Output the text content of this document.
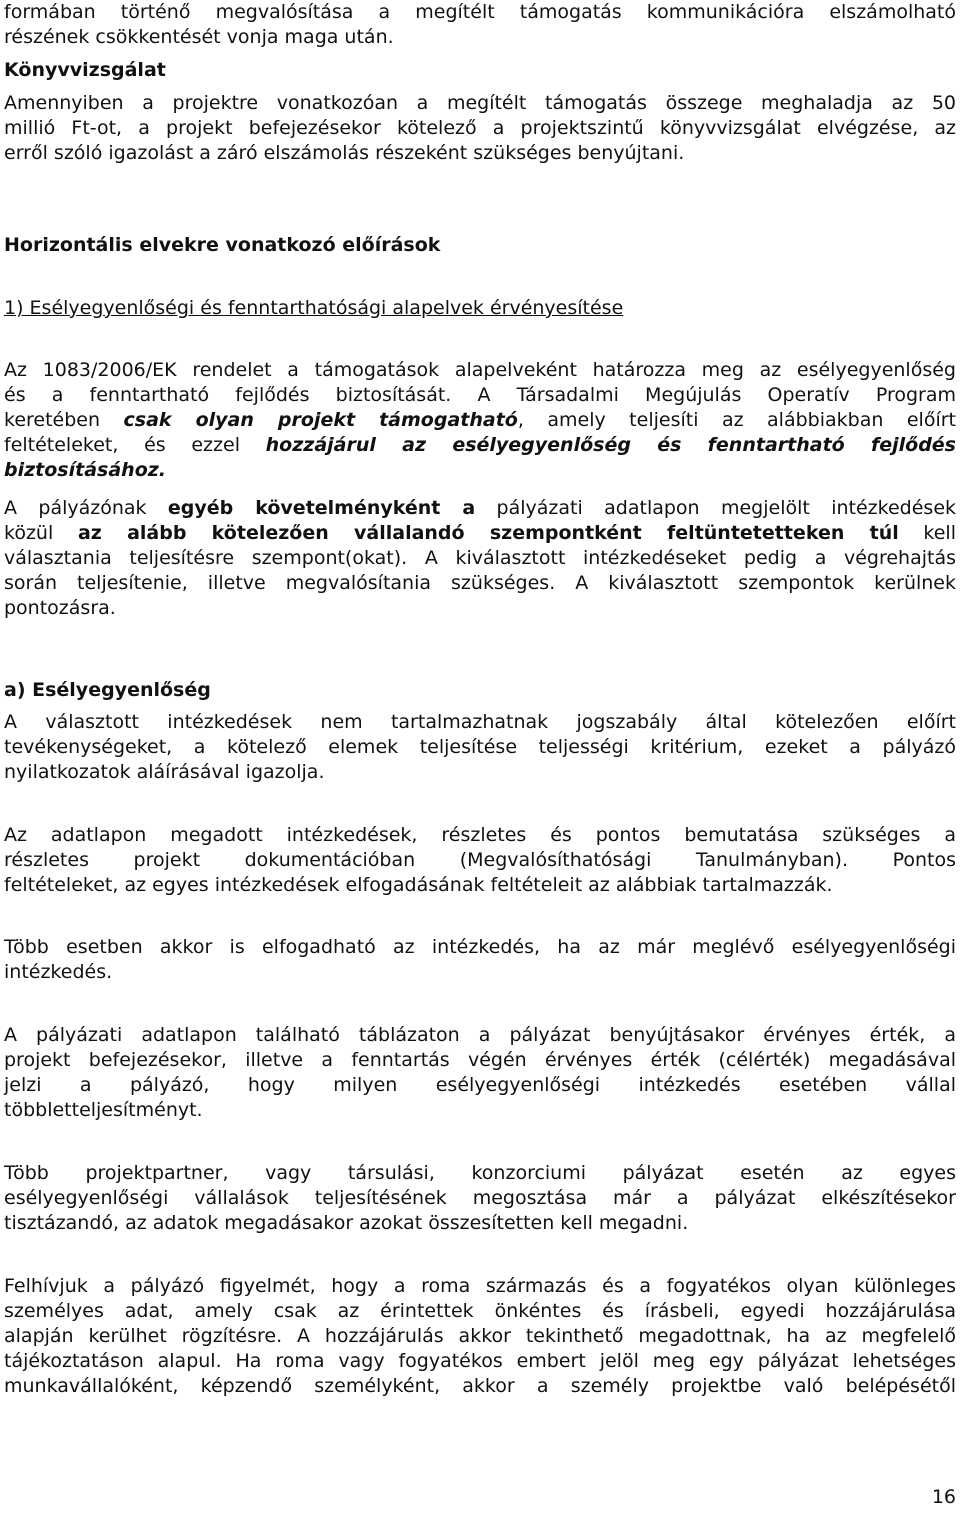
formában történő megvalósítása a megítélt támogatás kommunikációra elszámolható

részének csökkentését vonja maga után.

Könyvvizsgálat

Amennyiben a projektre vonatkozóan a megítélt támogatás összege meghaladja az 50

millió Ft-ot, a projekt befejezésekor kötelező a projektszintű könyvvizsgálat elvégzése, az

erről szóló igazolást a záró elszámolás részeként szükséges benyújtani.

Horizontális elvekre vonatkozó előírások

1) Esélyegyenlőségi és fenntarthatósági alapelvek érvényesítése

Az 1083/2006/EK rendelet a támogatások alapelveként határozza meg az esélyegyenlőség

és a fenntartható fejlődés biztosítását. A Társadalmi Megújulás Operatív Program

keretében csak olyan projekt támogatható, amely teljesíti az alábbiakban előírt

feltételeket, és ezzel hozzájárul az esélyegyenlőség és fenntartható fejlődés

biztosításához.

A pályázónak egyéb követelményként a pályázati adatlapon megjelölt intézkedések

közül az alább kötelezően vállalandó szempontként feltüntetetteken túl kell

választania teljesítésre szempont(okat). A kiválasztott intézkedéseket pedig a végrehajtás

során teljesítenie, illetve megvalósítania szükséges. A kiválasztott szempontok kerülnek

pontozásra.

a) Esélyegyenlőség

A választott intézkedések nem tartalmazhatnak jogszabály által kötelezően előírt

tevékenységeket, a kötelező elemek teljesítése teljességi kritérium, ezeket a pályázó

nyilatkozatok aláírásával igazolja.

Az adatlapon megadott intézkedések, részletes és pontos bemutatása szükséges a

részletes projekt dokumentációban (Megvalósíthatósági Tanulmányban). Pontos

feltételeket, az egyes intézkedések elfogadásának feltételeit az alábbiak tartalmazzák.

Több esetben akkor is elfogadható az intézkedés, ha az már meglévő esélyegyenlőségi

intézkedés.

A pályázati adatlapon található táblázaton a pályázat benyújtásakor érvényes érték, a

projekt befejezésekor, illetve a fenntartás végén érvényes érték (célérték) megadásával

jelzi a pályázó, hogy milyen esélyegyenlőségi intézkedés esetében vállal

többletteljesítményt.

Több projektpartner, vagy társulási, konzorciumi pályázat esetén az egyes

esélyegyenlőségi vállalások teljesítésének megosztása már a pályázat elkészítésekor

tisztázandó, az adatok megadásakor azokat összesítetten kell megadni.

Felhívjuk a pályázó figyelmét, hogy a roma származás és a fogyatékos olyan különleges

személyes adat, amely csak az érintettek önkéntes és írásbeli, egyedi hozzájárulása

alapján kerülhet rögzítésre. A hozzájárulás akkor tekinthető megadottnak, ha az megfelelő

tájékoztatáson alapul. Ha roma vagy fogyatékos embert jelöl meg egy pályázat lehetséges

munkavállalóként, képzendő személyként, akkor a személy projektbe való belépésétől

16
